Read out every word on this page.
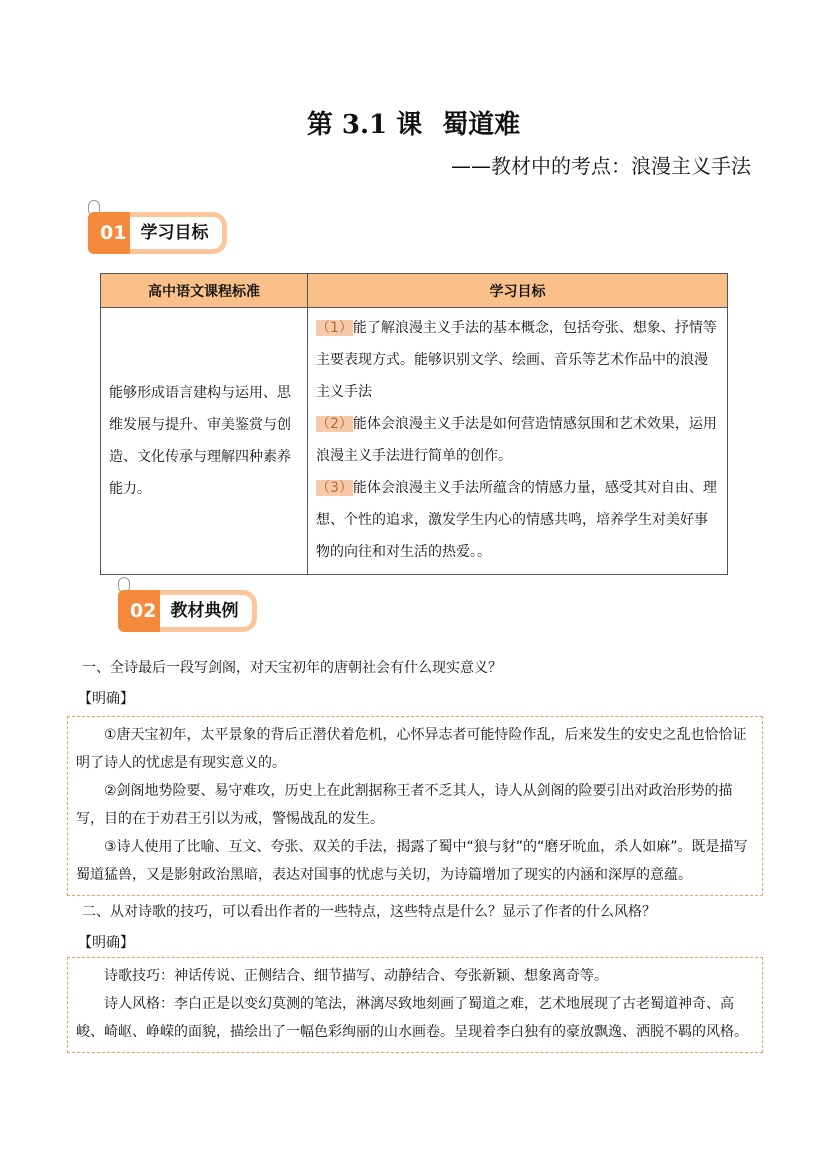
第 3.1 课 蜀道难
——教材中的考点：浪漫主义手法
01 学习目标
高中语文课程标准	学习目标
能够形成语言建构与运用、思维发展与提升、审美鉴赏与创造、文化传承与理解四种素养能力。	（1）能了解浪漫主义手法的基本概念，包括夸张、想象、抒情等主要表现方式。能够识别文学、绘画、音乐等艺术作品中的浪漫主义手法
（2）能体会浪漫主义手法是如何营造情感氛围和艺术效果，运用浪漫主义手法进行简单的创作。
（3）能体会浪漫主义手法所蕴含的情感力量，感受其对自由、理想、个性的追求，激发学生内心的情感共鸣，培养学生对美好事物的向往和对生活的热爱。。
02 教材典例
一、全诗最后一段写剑阁，对天宝初年的唐朝社会有什么现实意义？
【明确】

①唐天宝初年，太平景象的背后正潜伏着危机，心怀异志者可能恃险作乱，后来发生的安史之乱也恰恰证明了诗人的忧虑是有现实意义的。

②剑阁地势险要、易守难攻，历史上在此割据称王者不乏其人，诗人从剑阁的险要引出对政治形势的描写，目的在于劝君王引以为戒，警惕战乱的发生。

③诗人使用了比喻、互文、夸张、双关的手法，揭露了蜀中“狼与豺”的“磨牙吮血，杀人如麻”。既是描写蜀道猛兽，又是影射政治黑暗，表达对国事的忧虑与关切，为诗篇增加了现实的内涵和深厚的意蕴。

二、从对诗歌的技巧，可以看出作者的一些特点，这些特点是什么？显示了作者的什么风格？
【明确】

诗歌技巧：神话传说、正侧结合、细节描写、动静结合、夸张新颖、想象离奇等。

诗人风格：李白正是以变幻莫测的笔法，淋漓尽致地刻画了蜀道之难，艺术地展现了古老蜀道神奇、高峻、崎岖、峥嵘的面貌，描绘出了一幅色彩绚丽的山水画卷。呈现着李白独有的豪放飘逸、洒脱不羁的风格。
